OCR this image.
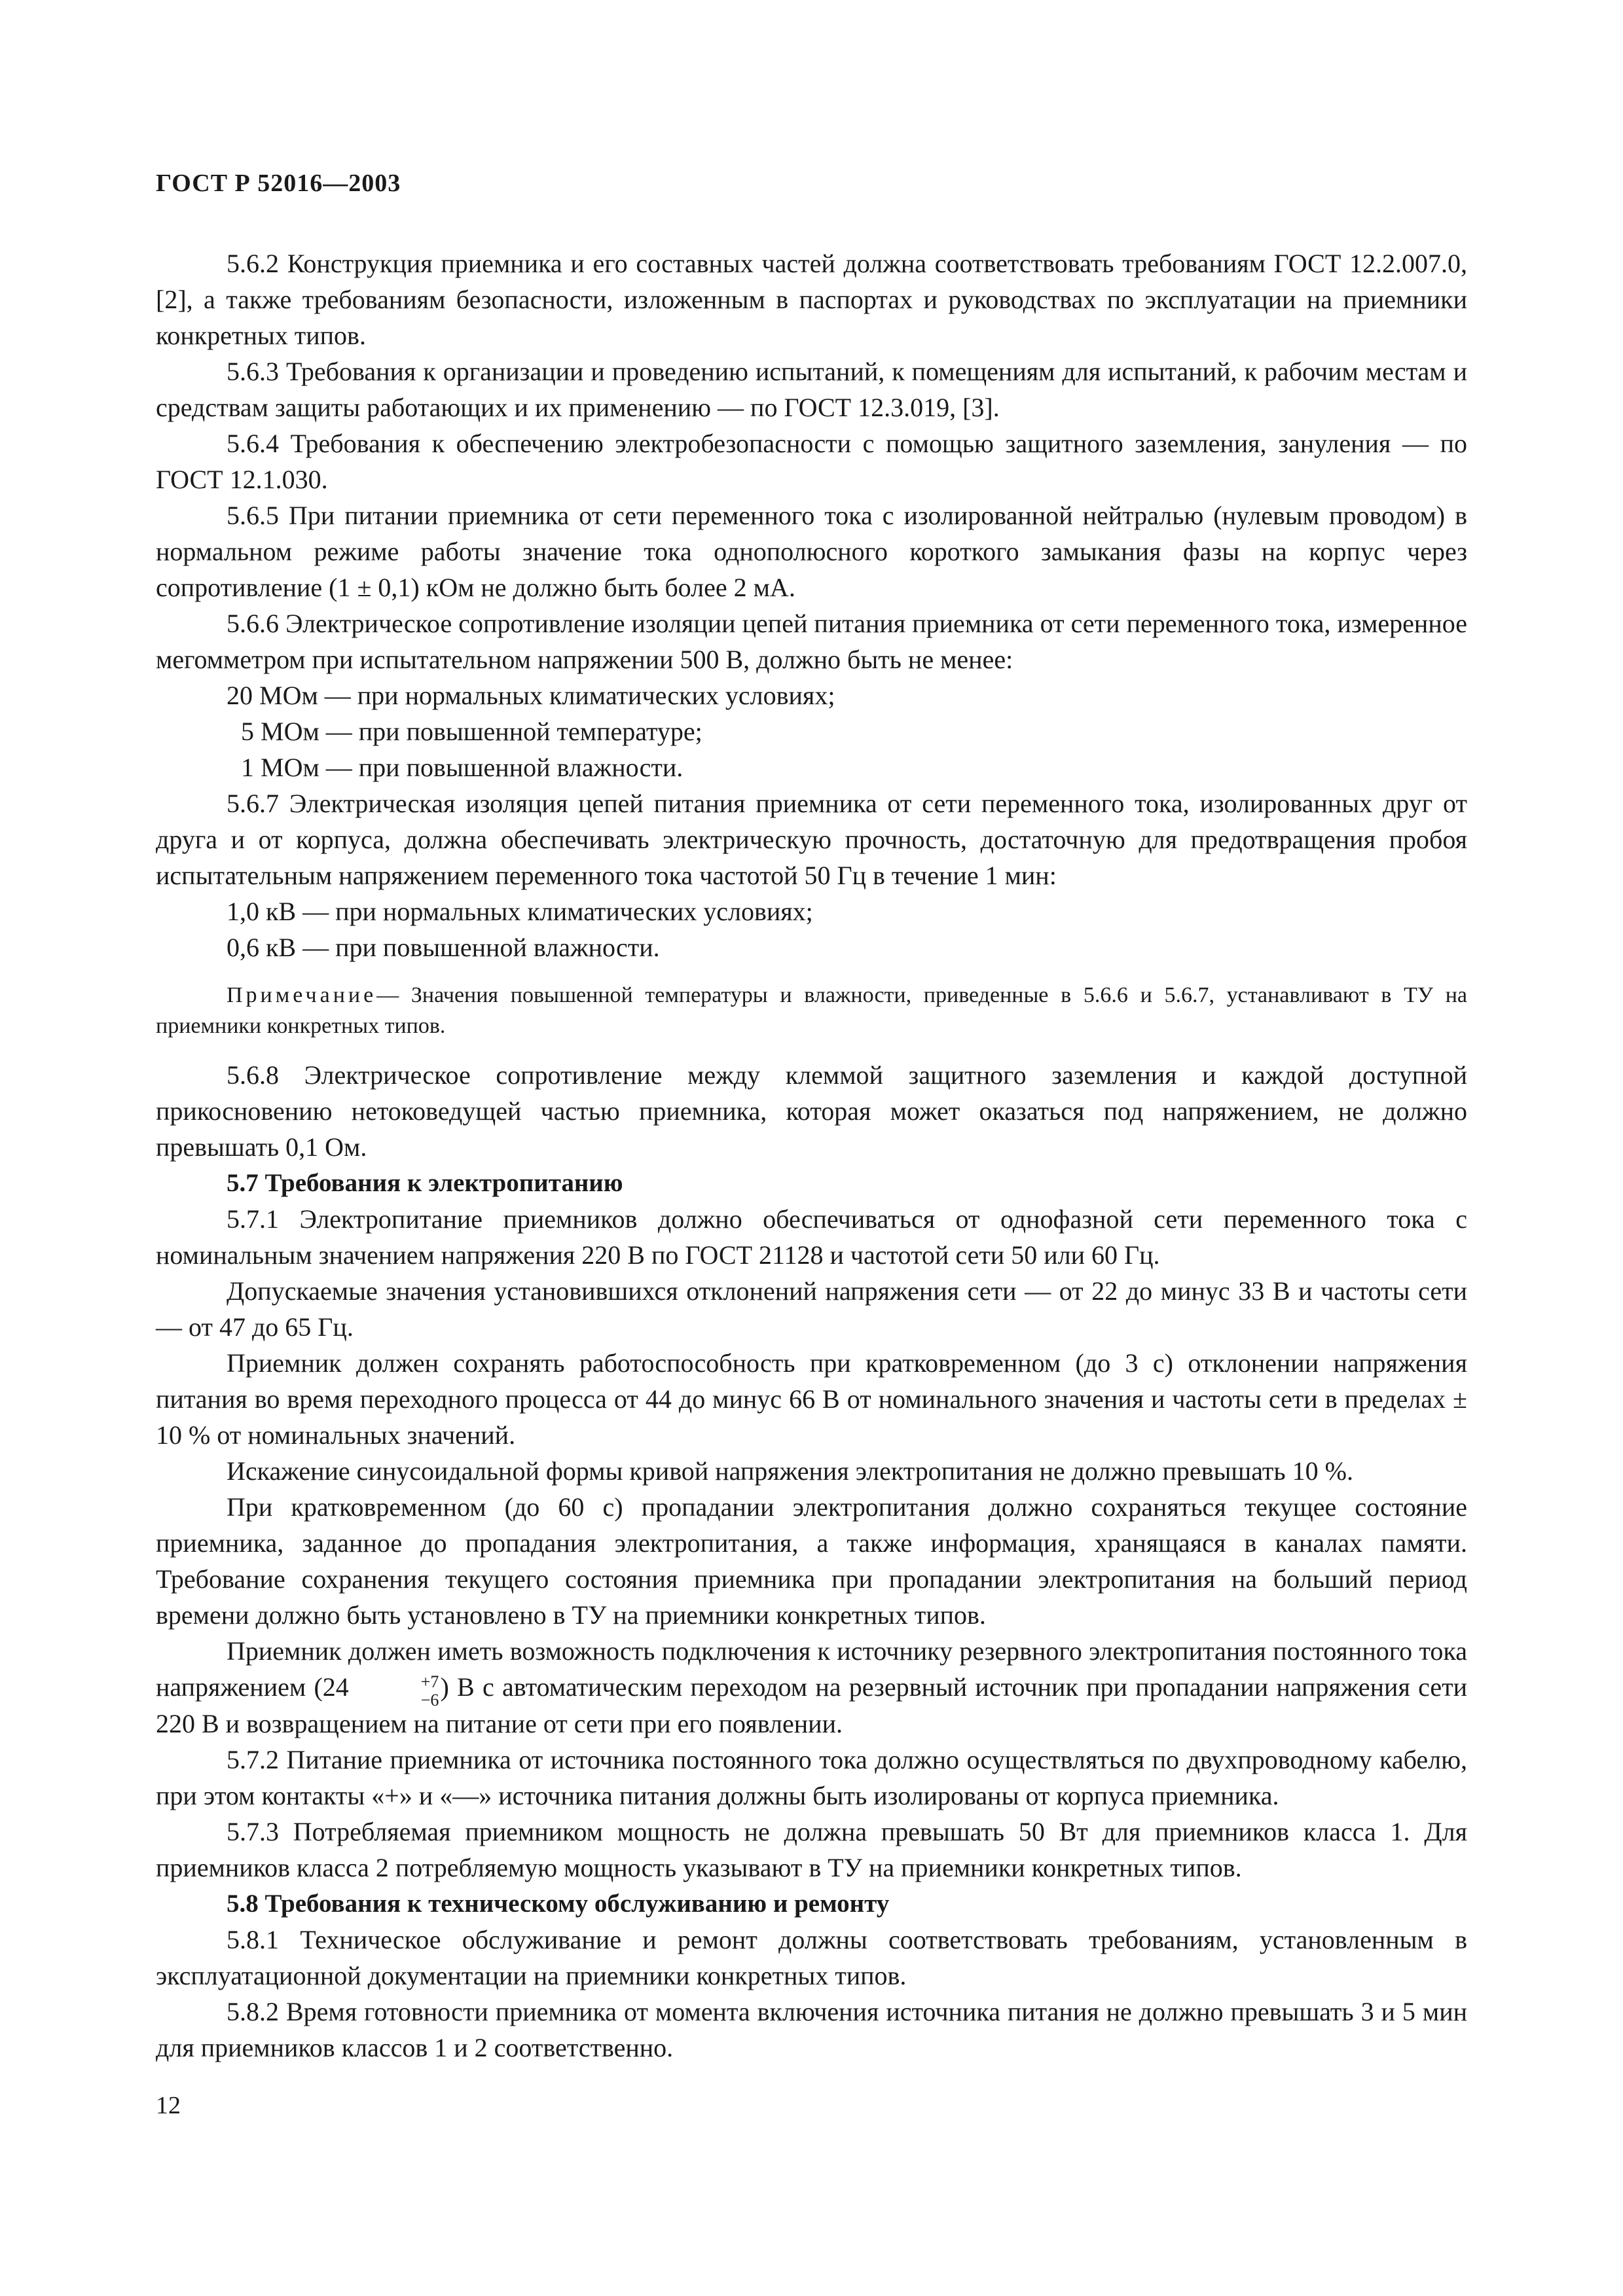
ГОСТ Р 52016—2003

5.6.2 Конструкция приемника и его составных частей должна соответствовать требованиям ГОСТ 12.2.007.0, [2], а также требованиям безопасности, изложенным в паспортах и руководствах по эксплуатации на приемники конкретных типов.

5.6.3 Требования к организации и проведению испытаний, к помещениям для испытаний, к рабочим местам и средствам защиты работающих и их применению — по ГОСТ 12.3.019, [3].

5.6.4 Требования к обеспечению электробезопасности с помощью защитного заземления, зануления — по ГОСТ 12.1.030.

5.6.5 При питании приемника от сети переменного тока с изолированной нейтралью (нулевым проводом) в нормальном режиме работы значение тока однополюсного короткого замыкания фазы на корпус через сопротивление (1 ± 0,1) кОм не должно быть более 2 мА.

5.6.6 Электрическое сопротивление изоляции цепей питания приемника от сети переменного тока, измеренное мегомметром при испытательном напряжении 500 В, должно быть не менее:

20 МОм — при нормальных климатических условиях;

5 МОм — при повышенной температуре;

1 МОм — при повышенной влажности.

5.6.7 Электрическая изоляция цепей питания приемника от сети переменного тока, изолированных друг от друга и от корпуса, должна обеспечивать электрическую прочность, достаточную для предотвращения пробоя испытательным напряжением переменного тока частотой 50 Гц в течение 1 мин:

1,0 кВ — при нормальных климатических условиях;

0,6 кВ — при повышенной влажности.

Примечание— Значения повышенной температуры и влажности, приведенные в 5.6.6 и 5.6.7, устанавливают в ТУ на приемники конкретных типов.

5.6.8 Электрическое сопротивление между клеммой защитного заземления и каждой доступной прикосновению нетоковедущей частью приемника, которая может оказаться под напряжением, не должно превышать 0,1 Ом.

5.7 Требования к электропитанию

5.7.1 Электропитание приемников должно обеспечиваться от однофазной сети переменного тока с номинальным значением напряжения 220 В по ГОСТ 21128 и частотой сети 50 или 60 Гц.

Допускаемые значения установившихся отклонений напряжения сети — от 22 до минус 33 В и частоты сети — от 47 до 65 Гц.

Приемник должен сохранять работоспособность при кратковременном (до 3 с) отклонении напряжения питания во время переходного процесса от 44 до минус 66 В от номинального значения и частоты сети в пределах ± 10 % от номинальных значений.

Искажение синусоидальной формы кривой напряжения электропитания не должно превышать 10 %.

При кратковременном (до 60 с) пропадании электропитания должно сохраняться текущее состояние приемника, заданное до пропадания электропитания, а также информация, хранящаяся в каналах памяти. Требование сохранения текущего состояния приемника при пропадании электропитания на больший период времени должно быть установлено в ТУ на приемники конкретных типов.

Приемник должен иметь возможность подключения к источнику резервного электропитания постоянного тока напряжением (24	+7
−6 ) В с автоматическим переходом на резервный источник при пропадании напряжения сети 220 В и возвращением на питание от сети при его появлении.

5.7.2 Питание приемника от источника постоянного тока должно осуществляться по двухпроводному кабелю, при этом контакты «+» и «—» источника питания должны быть изолированы от корпуса приемника.

5.7.3 Потребляемая приемником мощность не должна превышать 50 Вт для приемников класса 1. Для приемников класса 2 потребляемую мощность указывают в ТУ на приемники конкретных типов.

5.8 Требования к техническому обслуживанию и ремонту

5.8.1 Техническое обслуживание и ремонт должны соответствовать требованиям, установленным в эксплуатационной документации на приемники конкретных типов.

5.8.2 Время готовности приемника от момента включения источника питания не должно превышать 3 и 5 мин для приемников классов 1 и 2 соответственно.

12
